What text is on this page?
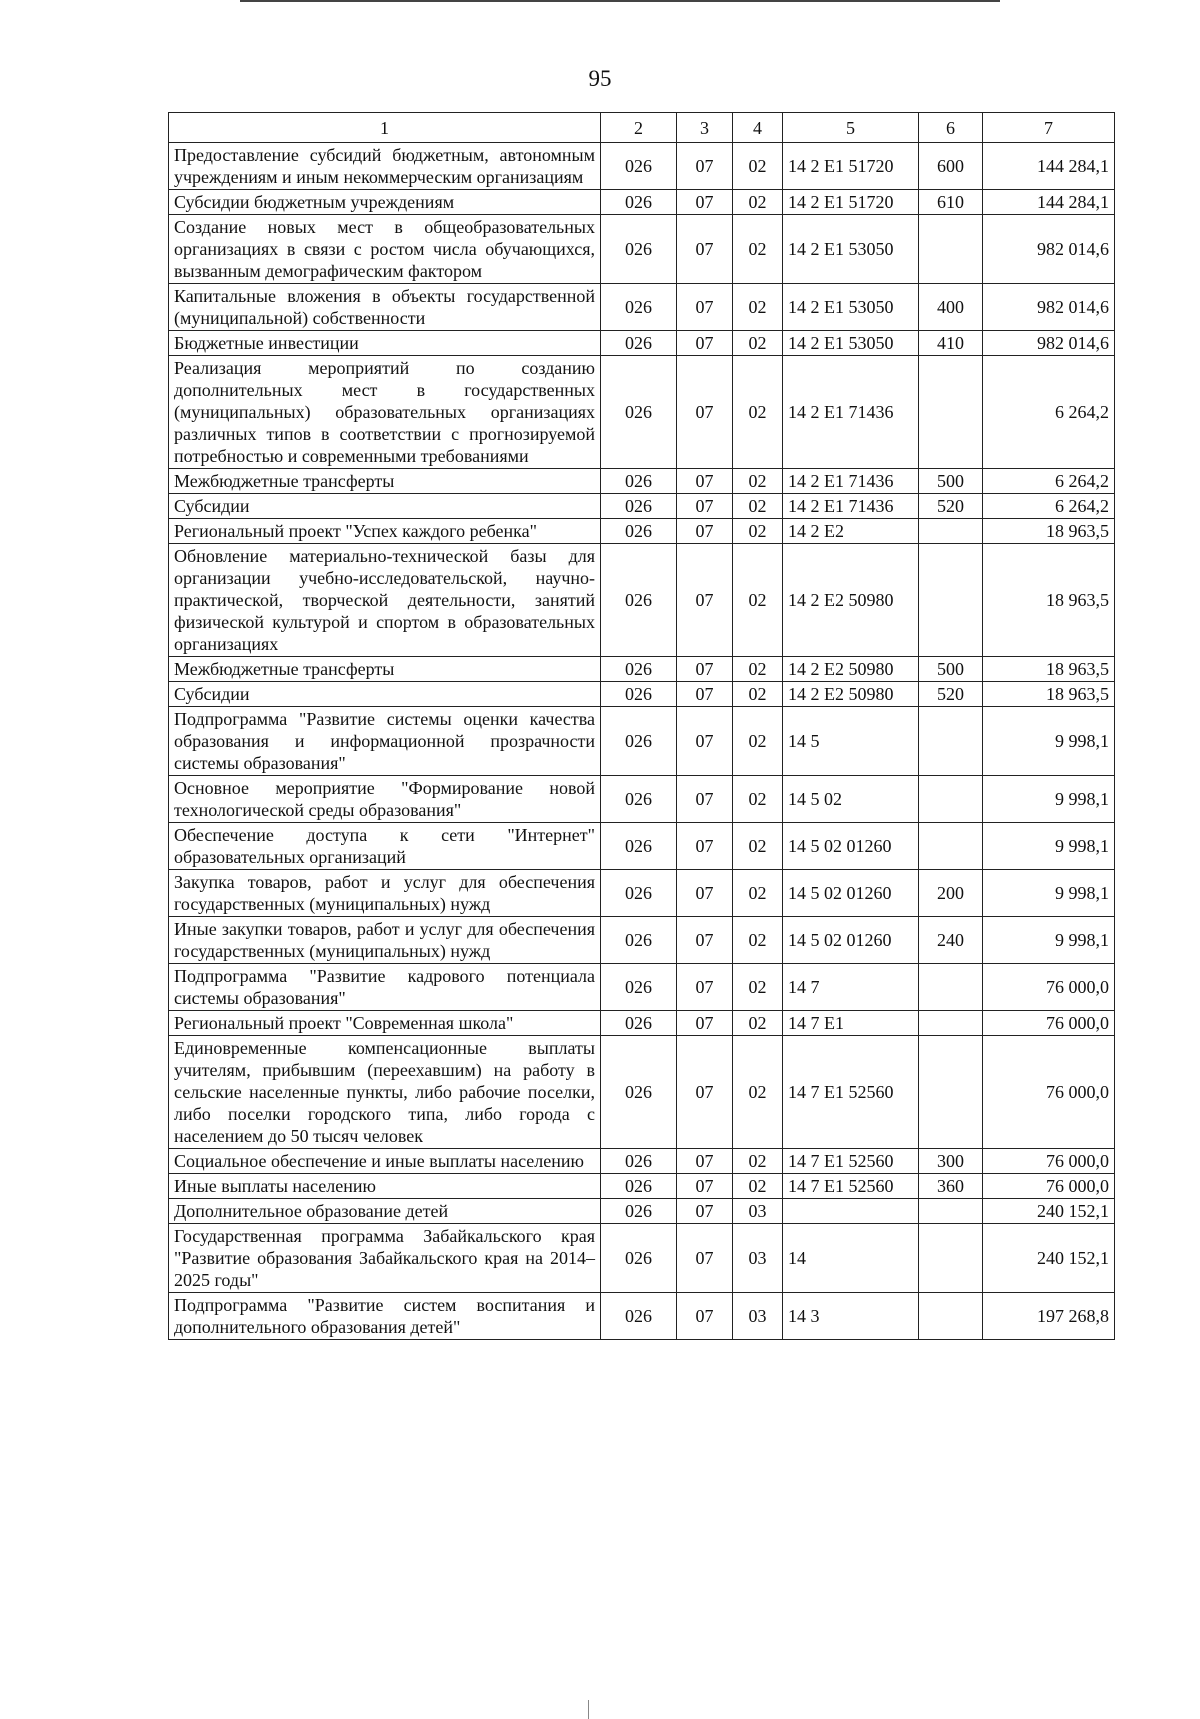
95
1	2	3	4	5	6	7
Предоставление субсидий бюджетным, автономным учреждениям и иным некоммерческим организациям	026	07	02	14 2 E1 51720	600	144 284,1
Субсидии бюджетным учреждениям	026	07	02	14 2 E1 51720	610	144 284,1
Создание новых мест в общеобразовательных организациях в связи с ростом числа обучающихся, вызванным демографическим фактором	026	07	02	14 2 E1 53050		982 014,6
Капитальные вложения в объекты государственной (муниципальной) собственности	026	07	02	14 2 E1 53050	400	982 014,6
Бюджетные инвестиции	026	07	02	14 2 E1 53050	410	982 014,6
Реализация мероприятий по созданию дополнительных мест в государственных (муниципальных) образовательных организациях различных типов в соответствии с прогнозируемой потребностью и современными требованиями	026	07	02	14 2 E1 71436		6 264,2
Межбюджетные трансферты	026	07	02	14 2 E1 71436	500	6 264,2
Субсидии	026	07	02	14 2 E1 71436	520	6 264,2
Региональный проект "Успех каждого ребенка"	026	07	02	14 2 E2		18 963,5
Обновление материально-технической базы для организации учебно-исследовательской, научно-практической, творческой деятельности, занятий физической культурой и спортом в образовательных организациях	026	07	02	14 2 E2 50980		18 963,5
Межбюджетные трансферты	026	07	02	14 2 E2 50980	500	18 963,5
Субсидии	026	07	02	14 2 E2 50980	520	18 963,5
Подпрограмма "Развитие системы оценки качества образования и информационной прозрачности системы образования"	026	07	02	14 5		9 998,1
Основное мероприятие "Формирование новой технологической среды образования"	026	07	02	14 5 02		9 998,1
Обеспечение доступа к сети "Интернет" образовательных организаций	026	07	02	14 5 02 01260		9 998,1
Закупка товаров, работ и услуг для обеспечения государственных (муниципальных) нужд	026	07	02	14 5 02 01260	200	9 998,1
Иные закупки товаров, работ и услуг для обеспечения государственных (муниципальных) нужд	026	07	02	14 5 02 01260	240	9 998,1
Подпрограмма "Развитие кадрового потенциала системы образования"	026	07	02	14 7		76 000,0
Региональный проект "Современная школа"	026	07	02	14 7 E1		76 000,0
Единовременные компенсационные выплаты учителям, прибывшим (переехавшим) на работу в сельские населенные пункты, либо рабочие поселки, либо поселки городского типа, либо города с населением до 50 тысяч человек	026	07	02	14 7 E1 52560		76 000,0
Социальное обеспечение и иные выплаты населению	026	07	02	14 7 E1 52560	300	76 000,0
Иные выплаты населению	026	07	02	14 7 E1 52560	360	76 000,0
Дополнительное образование детей	026	07	03			240 152,1
Государственная программа Забайкальского края "Развитие образования Забайкальского края на 2014–2025 годы"	026	07	03	14		240 152,1
Подпрограмма "Развитие систем воспитания и дополнительного образования детей"	026	07	03	14 3		197 268,8
